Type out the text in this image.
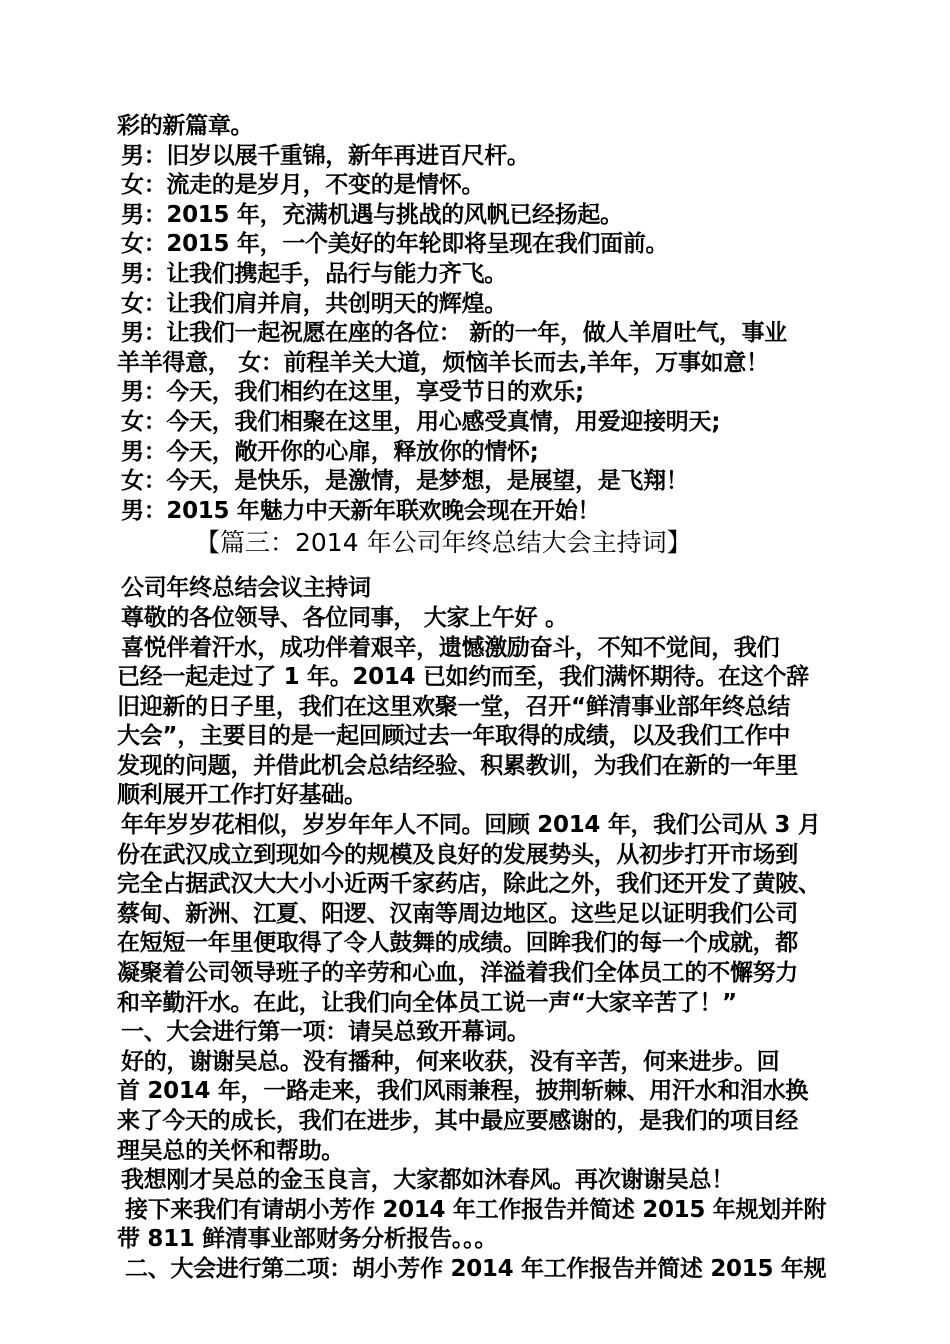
彩的新篇章。
男：旧岁以展千重锦，新年再进百尺杆。
女：流走的是岁月，不变的是情怀。
男：2015 年，充满机遇与挑战的风帆已经扬起。
女：2015 年，一个美好的年轮即将呈现在我们面前。
男：让我们携起手，品行与能力齐飞。
女：让我们肩并肩，共创明天的辉煌。
男：让我们一起祝愿在座的各位： 新的一年，做人羊眉吐气，事业
羊羊得意， 女：前程羊关大道，烦恼羊长而去,羊年，万事如意！
男：今天，我们相约在这里，享受节日的欢乐;
女：今天，我们相聚在这里，用心感受真情，用爱迎接明天;
男：今天，敞开你的心扉，释放你的情怀;
女：今天，是快乐，是激情，是梦想，是展望，是飞翔！
男：2015 年魅力中天新年联欢晚会现在开始！
【篇三：2014 年公司年终总结大会主持词】
公司年终总结会议主持词
尊敬的各位领导、各位同事， 大家上午好 。
喜悦伴着汗水，成功伴着艰辛，遗憾激励奋斗，不知不觉间，我们
已经一起走过了 1 年。2014 已如约而至，我们满怀期待。在这个辞
旧迎新的日子里，我们在这里欢聚一堂，召开“鲜清事业部年终总结
大会”，主要目的是一起回顾过去一年取得的成绩，以及我们工作中
发现的问题，并借此机会总结经验、积累教训，为我们在新的一年里
顺利展开工作打好基础。
年年岁岁花相似，岁岁年年人不同。回顾 2014 年，我们公司从 3 月
份在武汉成立到现如今的规模及良好的发展势头，从初步打开市场到
完全占据武汉大大小小近两千家药店，除此之外，我们还开发了黄陂、
蔡甸、新洲、江夏、阳逻、汉南等周边地区。这些足以证明我们公司
在短短一年里便取得了令人鼓舞的成绩。回眸我们的每一个成就，都
凝聚着公司领导班子的辛劳和心血，洋溢着我们全体员工的不懈努力
和辛勤汗水。在此，让我们向全体员工说一声“大家辛苦了！”
一、大会进行第一项：请吴总致开幕词。
好的，谢谢吴总。没有播种，何来收获，没有辛苦，何来进步。回
首 2014 年，一路走来，我们风雨兼程，披荆斩棘、用汗水和泪水换
来了今天的成长，我们在进步，其中最应要感谢的，是我们的项目经
理吴总的关怀和帮助。
我想刚才吴总的金玉良言，大家都如沐春风。再次谢谢吴总！
接下来我们有请胡小芳作 2014 年工作报告并简述 2015 年规划并附
带 811 鲜清事业部财务分析报告。。。
二、大会进行第二项：胡小芳作 2014 年工作报告并简述 2015 年规
